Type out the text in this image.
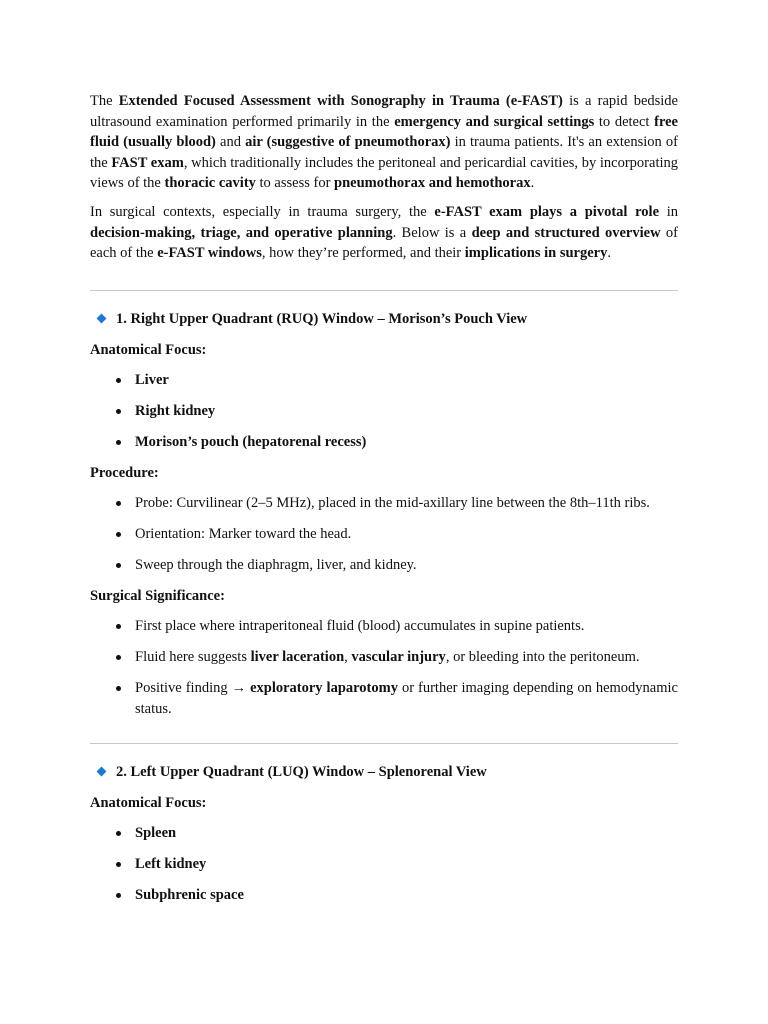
The Extended Focused Assessment with Sonography in Trauma (e-FAST) is a rapid bedside ultrasound examination performed primarily in the emergency and surgical settings to detect free fluid (usually blood) and air (suggestive of pneumothorax) in trauma patients. It's an extension of the FAST exam, which traditionally includes the peritoneal and pericardial cavities, by incorporating views of the thoracic cavity to assess for pneumothorax and hemothorax.

In surgical contexts, especially in trauma surgery, the e-FAST exam plays a pivotal role in decision-making, triage, and operative planning. Below is a deep and structured overview of each of the e-FAST windows, how they’re performed, and their implications in surgery.

1. Right Upper Quadrant (RUQ) Window – Morison’s Pouch View
Anatomical Focus:
Liver
Right kidney
Morison’s pouch (hepatorenal recess)
Procedure:
Probe: Curvilinear (2–5 MHz), placed in the mid-axillary line between the 8th–11th ribs.
Orientation: Marker toward the head.
Sweep through the diaphragm, liver, and kidney.
Surgical Significance:
First place where intraperitoneal fluid (blood) accumulates in supine patients.
Fluid here suggests liver laceration, vascular injury, or bleeding into the peritoneum.
Positive finding → exploratory laparotomy or further imaging depending on hemodynamic status.
2. Left Upper Quadrant (LUQ) Window – Splenorenal View
Anatomical Focus:
Spleen
Left kidney
Subphrenic space
